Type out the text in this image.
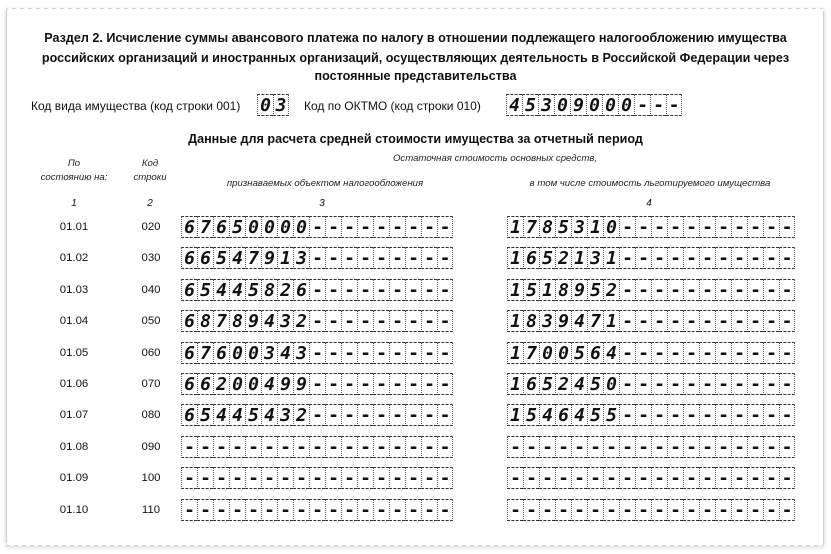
Раздел 2. Исчисление суммы авансового платежа по налогу в отношении подлежащего налогообложению имущества

российских организаций и иностранных организаций, осуществляющих деятельность в Российской Федерации через

постоянные представительства

Код вида имущества (код строки 001) 0 3 Код по ОКТМО (код строки 010) 4 5 3 0 9 0 0 0 - - -
Данные для расчета средней стоимости имущества за отчетный период
По
состоянию на:
Код
строки
Остаточная стоимость основных средств,
признаваемых объектом налогообложения	в том числе стоимость льготируемого имущества
1	2	3	4
01.01	020	6 7 6 5 0 0 0 0 - - - - - - - - -	1 7 8 5 3 1 0 - - - - - - - - - - -
01.02	030	6 6 5 4 7 9 1 3 - - - - - - - - -	1 6 5 2 1 3 1 - - - - - - - - - - -
01.03	040	6 5 4 4 5 8 2 6 - - - - - - - - -	1 5 1 8 9 5 2 - - - - - - - - - - -
01.04	050	6 8 7 8 9 4 3 2 - - - - - - - - -	1 8 3 9 4 7 1 - - - - - - - - - - -
01.05	060	6 7 6 0 0 3 4 3 - - - - - - - - -	1 7 0 0 5 6 4 - - - - - - - - - - -
01.06	070	6 6 2 0 0 4 9 9 - - - - - - - - -	1 6 5 2 4 5 0 - - - - - - - - - - -
01.07	080	6 5 4 4 5 4 3 2 - - - - - - - - -	1 5 4 6 4 5 5 - - - - - - - - - - -
01.08	090	- - - - - - - - - - - - - - - - -	- - - - - - - - - - - - - - - - - -
01.09	100	- - - - - - - - - - - - - - - - -	- - - - - - - - - - - - - - - - - -
01.10	110	- - - - - - - - - - - - - - - - -	- - - - - - - - - - - - - - - - - -
